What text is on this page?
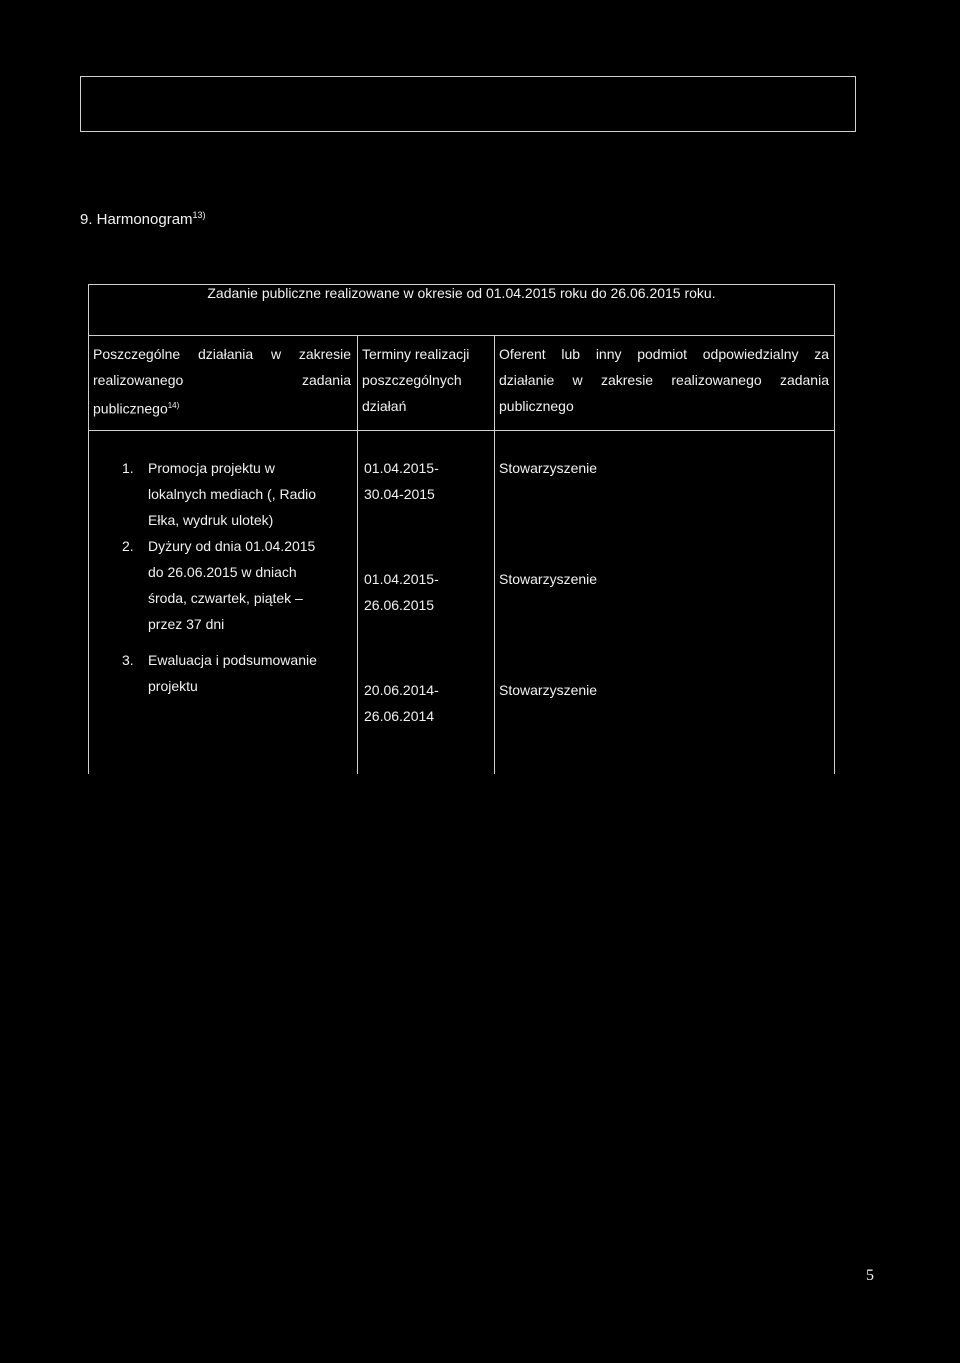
9. Harmonogram$^{13)}$
Zadanie publiczne realizowane w okresie od 01.04.2015 roku do 26.06.2015 roku.
Poszczególne działania w zakresie
realizowanego	zadania
publicznego$^{14)}$
Terminy realizacji
poszczególnych
działań
Oferent lub inny podmiot odpowiedzialny za
działanie w zakresie realizowanego zadania
publicznego
1. Promocja projektu w
lokalnych mediach (, Radio
Ełka, wydruk ulotek)
01.04.2015-
30.04-2015
Stowarzyszenie
2. Dyżury od dnia 01.04.2015
do 26.06.2015 w dniach
środa, czwartek, piątek –
przez 37 dni
01.04.2015-
26.06.2015
Stowarzyszenie
3. Ewaluacja i podsumowanie
projektu	20.06.2014-
26.06.2014
Stowarzyszenie
5
